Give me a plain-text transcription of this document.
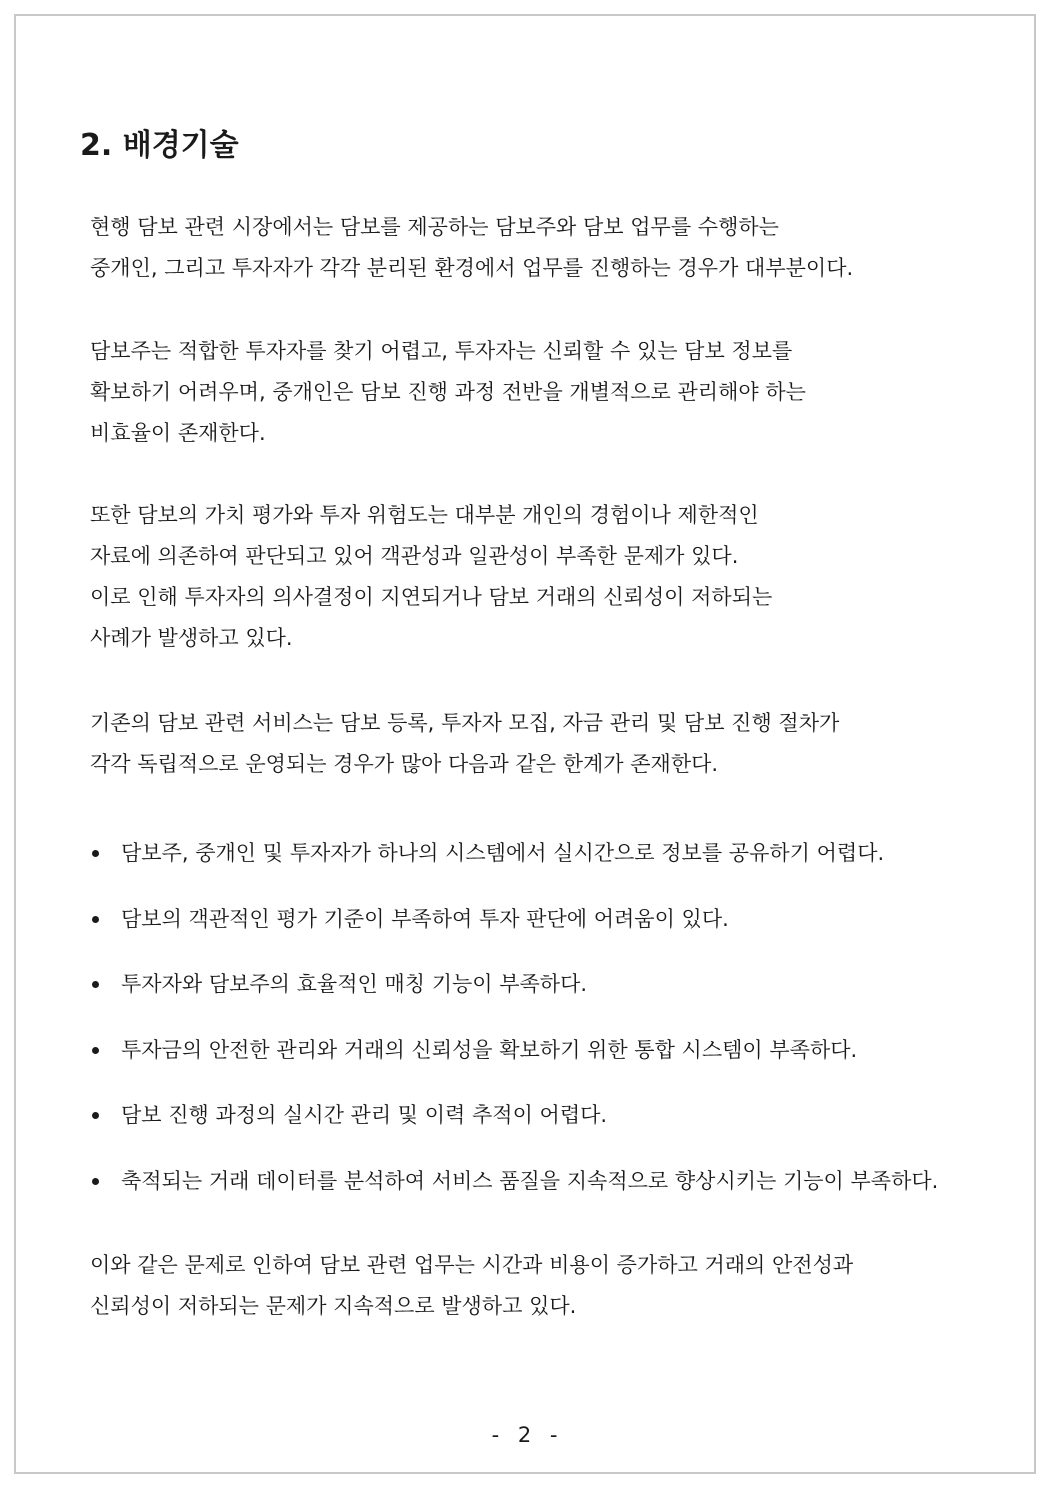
2. 배경기술

현행 담보 관련 시장에서는 담보를 제공하는 담보주와 담보 업무를 수행하는
중개인, 그리고 투자자가 각각 분리된 환경에서 업무를 진행하는 경우가 대부분이다.

담보주는 적합한 투자자를 찾기 어렵고, 투자자는 신뢰할 수 있는 담보 정보를
확보하기 어려우며, 중개인은 담보 진행 과정 전반을 개별적으로 관리해야 하는
비효율이 존재한다.

또한 담보의 가치 평가와 투자 위험도는 대부분 개인의 경험이나 제한적인
자료에 의존하여 판단되고 있어 객관성과 일관성이 부족한 문제가 있다.
이로 인해 투자자의 의사결정이 지연되거나 담보 거래의 신뢰성이 저하되는
사례가 발생하고 있다.

기존의 담보 관련 서비스는 담보 등록, 투자자 모집, 자금 관리 및 담보 진행 절차가
각각 독립적으로 운영되는 경우가 많아 다음과 같은 한계가 존재한다.

담보주, 중개인 및 투자자가 하나의 시스템에서 실시간으로 정보를 공유하기 어렵다.
담보의 객관적인 평가 기준이 부족하여 투자 판단에 어려움이 있다.
투자자와 담보주의 효율적인 매칭 기능이 부족하다.
투자금의 안전한 관리와 거래의 신뢰성을 확보하기 위한 통합 시스템이 부족하다.
담보 진행 과정의 실시간 관리 및 이력 추적이 어렵다.
축적되는 거래 데이터를 분석하여 서비스 품질을 지속적으로 향상시키는 기능이 부족하다.

이와 같은 문제로 인하여 담보 관련 업무는 시간과 비용이 증가하고 거래의 안전성과
신뢰성이 저하되는 문제가 지속적으로 발생하고 있다.

- 2 -
